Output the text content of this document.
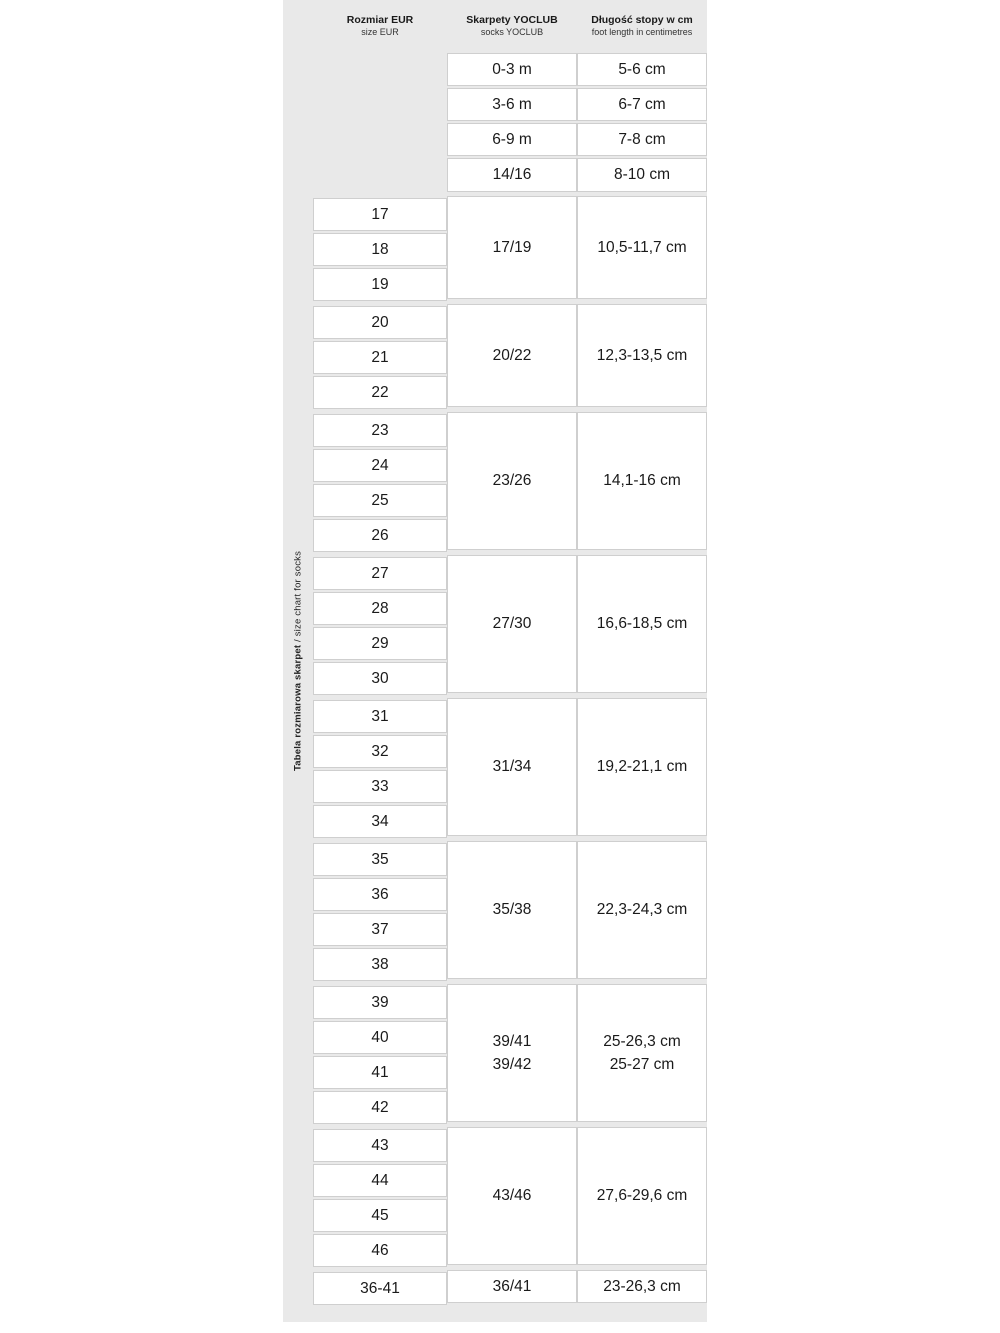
Tabela rozmiarowa skarpet / size chart for socks
Rozmiar EUR
size EUR
Skarpety YOCLUB
socks YOCLUB
Długość stopy w cm
foot length in centimetres
17
18
19
20
21
22
23
24
25
26
27
28
29
30
31
32
33
34
35
36
37
38
39
40
41
42
43
44
45
46
36-41
0-3 m
3-6 m
6-9 m
14/16
17/19
20/22
23/26
27/30
31/34
35/38
39/41
39/42
43/46
36/41
5-6 cm
6-7 cm
7-8 cm
8-10 cm
10,5-11,7 cm
12,3-13,5 cm
14,1-16 cm
16,6-18,5 cm
19,2-21,1 cm
22,3-24,3 cm
25-26,3 cm
25-27 cm
27,6-29,6 cm
23-26,3 cm
